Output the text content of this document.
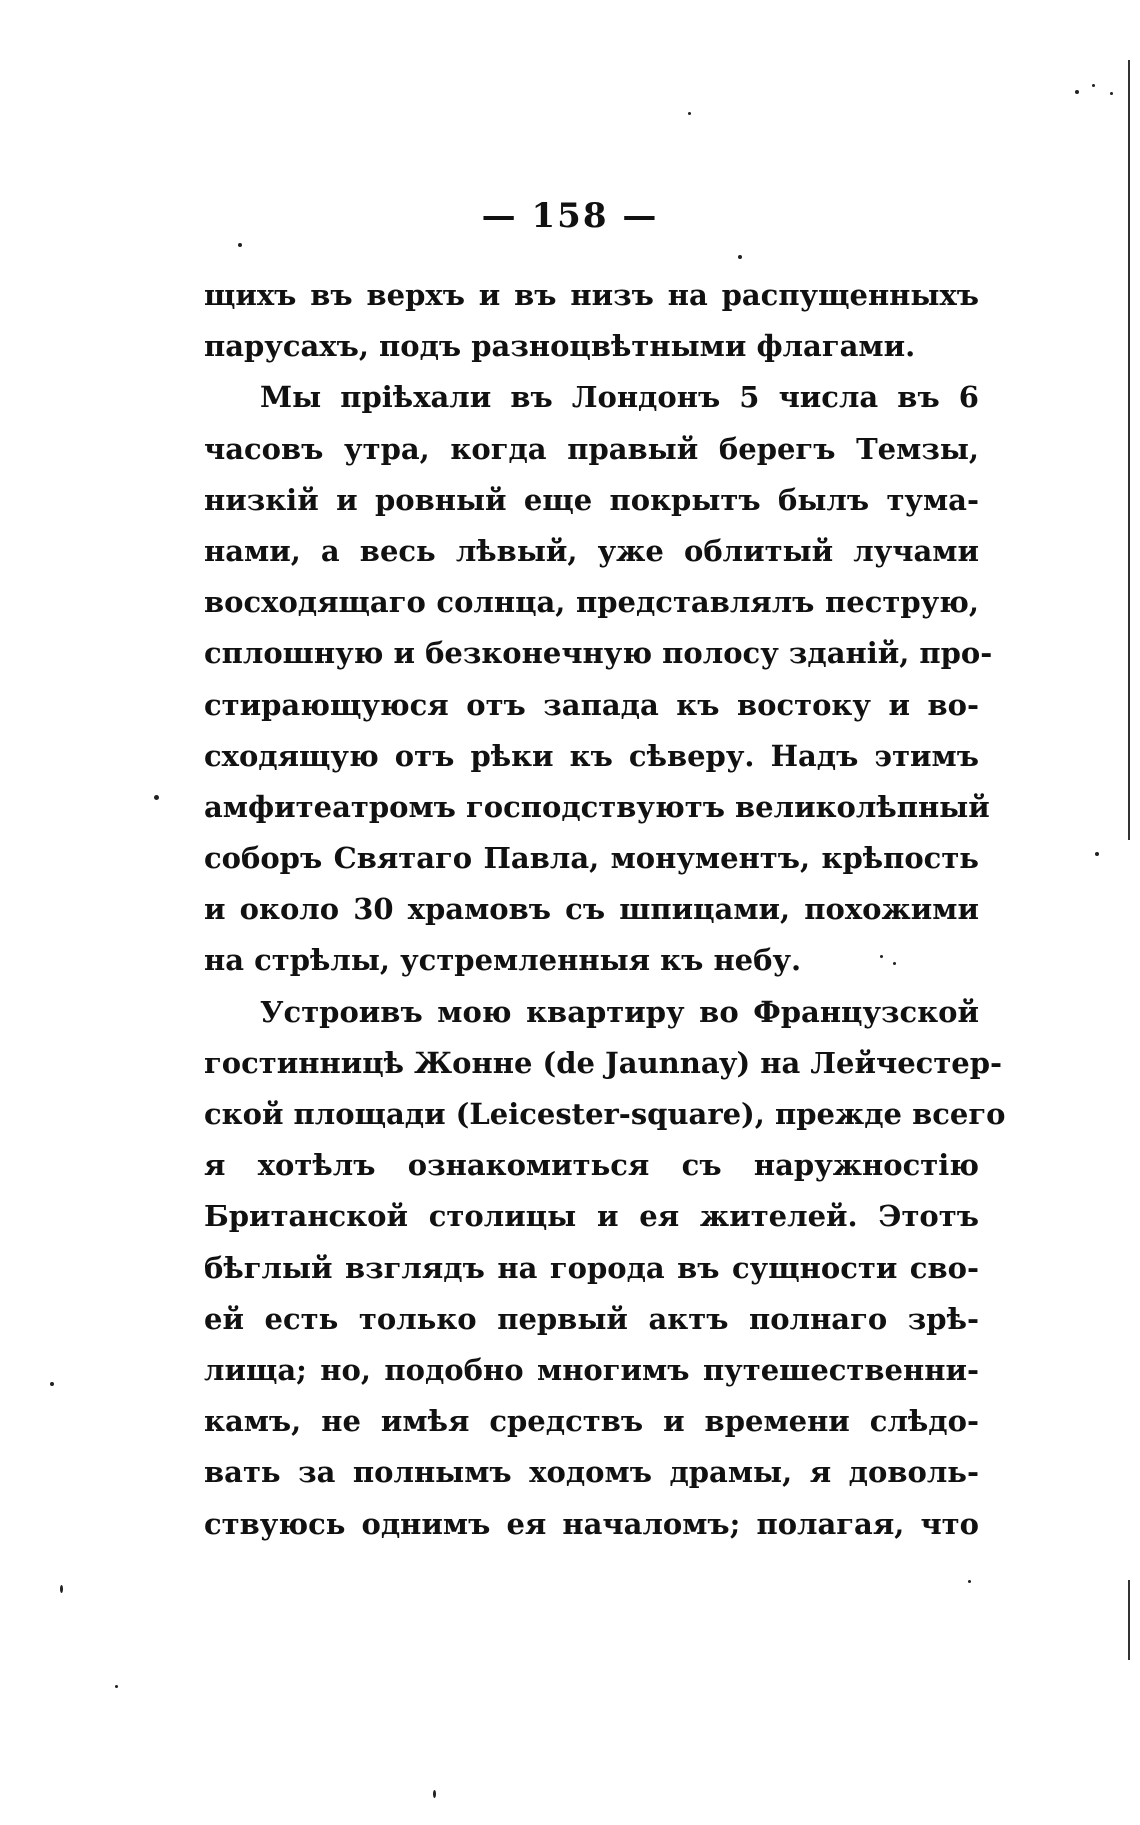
— 158 —
щихъ въ верхъ и въ низъ на распущенныхъ
парусахъ, подъ разноцвѣтными флагами.
Мы пріѣхали въ Лондонъ 5 числа въ 6
часовъ утра, когда правый берегъ Темзы,
низкій и ровный еще покрытъ былъ тума-
нами, а весь лѣвый, уже облитый лучами
восходящаго солнца, представлялъ пеструю,
сплошную и безконечную полосу зданій, про-
стирающуюся отъ запада къ востоку и во-
сходящую отъ рѣки къ сѣверу. Надъ этимъ
амфитеатромъ господствуютъ великолѣпный
соборъ Святаго Павла, монументъ, крѣпость
и около 30 храмовъ съ шпицами, похожими
на стрѣлы, устремленныя къ небу.
Устроивъ мою квартиру во Французской
гостинницѣ Жонне (de Jaunnay) на Лейчестер-
ской площади (Leicester-square), прежде всего
я хотѣлъ ознакомиться съ наружностію
Британской столицы и ея жителей. Этотъ
бѣглый взглядъ на города въ сущности сво-
ей есть только первый актъ полнаго зрѣ-
лища; но, подобно многимъ путешественни-
камъ, не имѣя средствъ и времени слѣдо-
вать за полнымъ ходомъ драмы, я доволь-
ствуюсь однимъ ея началомъ; полагая, что
